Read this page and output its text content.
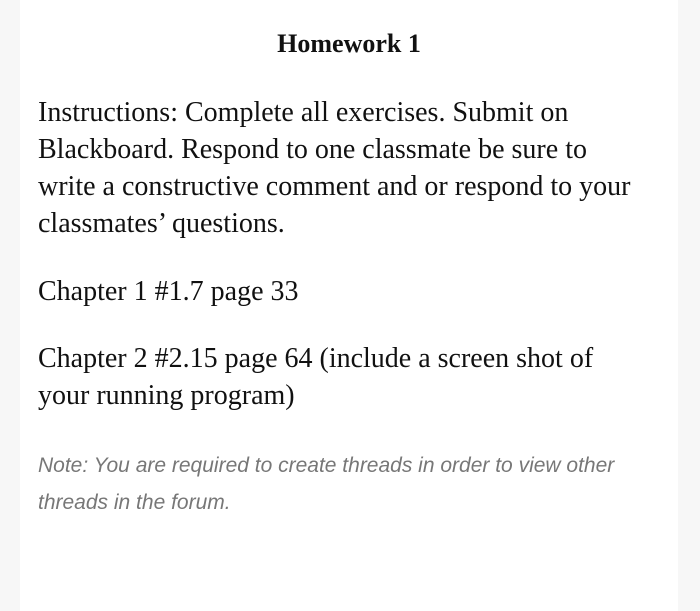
Homework 1

Instructions: Complete all exercises. Submit on Blackboard. Respond to one classmate be sure to write a constructive comment and or respond to your classmates’ questions.

Chapter 1 #1.7 page 33

Chapter 2 #2.15 page 64 (include a screen shot of your running program)

Note: You are required to create threads in order to view other threads in the forum.
